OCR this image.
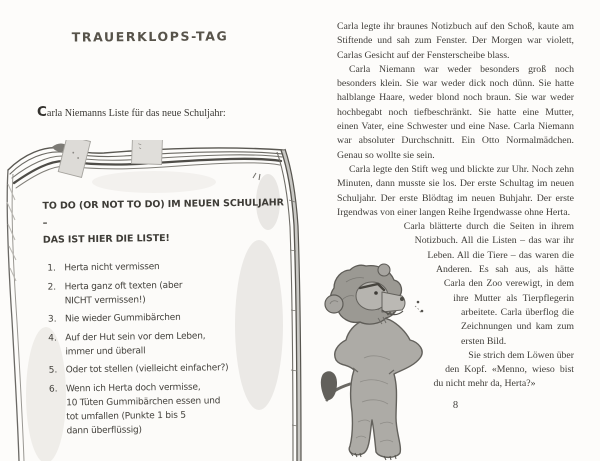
TRAUERKLOPS-TAG
Carla Niemanns Liste für das neue Schuljahr:
TO DO (OR NOT TO DO) IM NEUEN SCHULJAHR –
DAS IST HIER DIE LISTE!
1. Herta nicht vermissen
2. Herta ganz oft texten (aber
NICHT vermissen!)
3. Nie wieder Gummibärchen
4. Auf der Hut sein vor dem Leben,
immer und überall
5. Oder tot stellen (vielleicht einfacher?)
6. Wenn ich Herta doch vermisse,
10 Tüten Gummibärchen essen und
tot umfallen (Punkte 1 bis 5
dann überflüssig)

Carla legte ihr braunes Notizbuch auf den Schoß, kaute am Stiftende und sah zum Fenster. Der Morgen war violett, Carlas Gesicht auf der Fensterscheibe blass.

Carla Niemann war weder besonders groß noch besonders klein. Sie war weder dick noch dünn. Sie hatte halblange Haare, weder blond noch braun. Sie war weder hochbegabt noch tiefbeschränkt. Sie hatte eine Mutter, einen Vater, eine Schwester und eine Nase. Carla Niemann war absoluter Durchschnitt. Ein Otto Normalmädchen. Genau so wollte sie sein.

Carla legte den Stift weg und blickte zur Uhr. Noch zehn Minuten, dann musste sie los. Der erste Schultag im neuen Schuljahr. Der erste Blödtag im neuen Buhjahr. Der erste Irgendwas von einer langen Reihe Irgendwasse ohne Herta.

Carla blätterte durch die Seiten in ihrem Notizbuch. All die Listen – das war ihr Leben. All die Tiere – das waren die Anderen. Es sah aus, als hätte Carla den Zoo verewigt, in dem ihre Mutter als Tierpflegerin arbeitete. Carla überflog die Zeichnungen und kam zum ersten Bild.

Sie strich dem Löwen über den Kopf. «Menno, wieso bist du nicht mehr da, Herta?»

8
